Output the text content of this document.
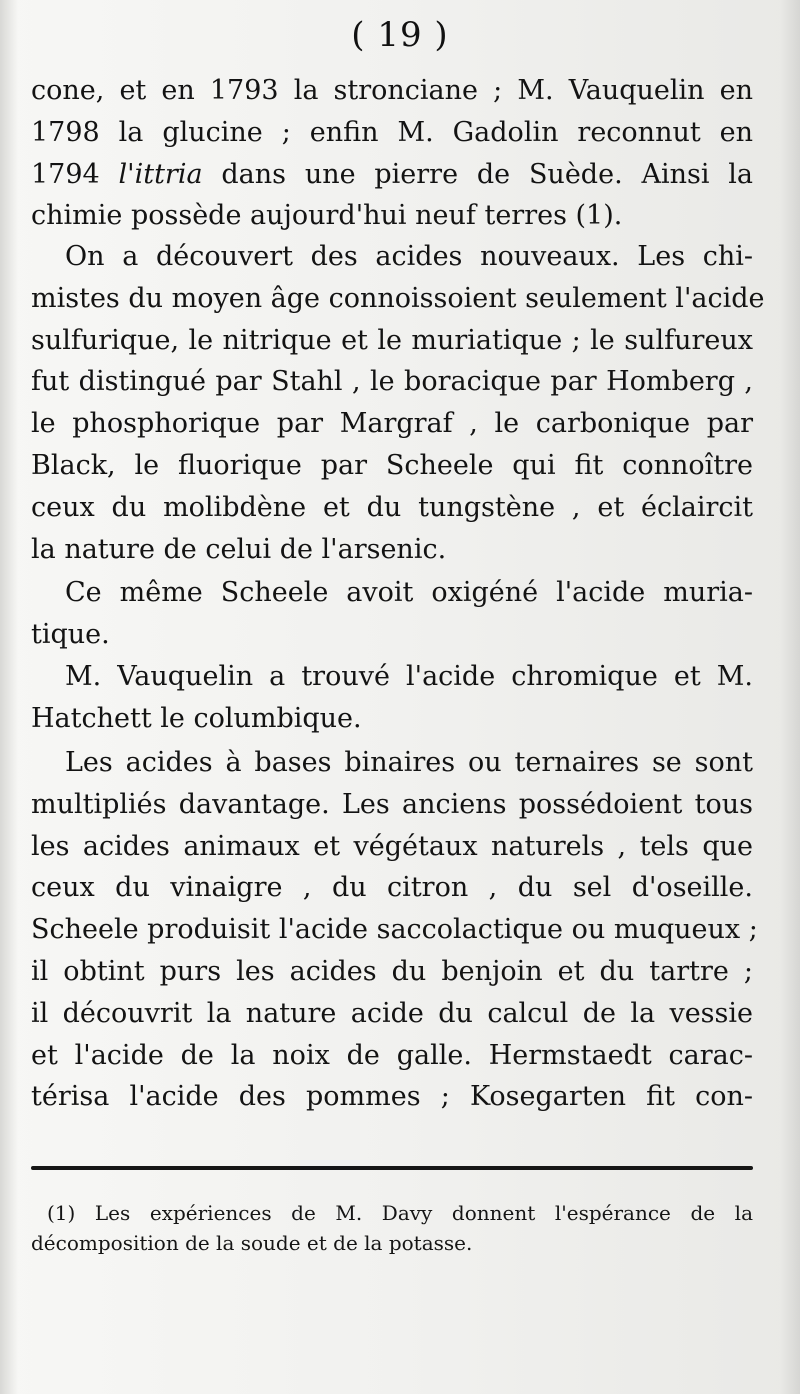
( 19 )
cone, et en 1793 la stronciane ; M. Vauquelin en
1798 la glucine ; enfin M. Gadolin reconnut en
1794 l'ittria dans une pierre de Suède. Ainsi la
chimie possède aujourd'hui neuf terres (1).
On a découvert des acides nouveaux. Les chi-
mistes du moyen âge connoissoient seulement l'acide
sulfurique, le nitrique et le muriatique ; le sulfureux
fut distingué par Stahl , le boracique par Homberg ,
le phosphorique par Margraf , le carbonique par
Black, le fluorique par Scheele qui fit connoître
ceux du molibdène et du tungstène , et éclaircit
la nature de celui de l'arsenic.
Ce même Scheele avoit oxigéné l'acide muria-
tique.
M. Vauquelin a trouvé l'acide chromique et M.
Hatchett le columbique.
Les acides à bases binaires ou ternaires se sont
multipliés davantage. Les anciens possédoient tous
les acides animaux et végétaux naturels , tels que
ceux du vinaigre , du citron , du sel d'oseille.
Scheele produisit l'acide saccolactique ou muqueux ;
il obtint purs les acides du benjoin et du tartre ;
il découvrit la nature acide du calcul de la vessie
et l'acide de la noix de galle. Hermstaedt carac-
térisa l'acide des pommes ; Kosegarten fit con-
(1) Les expériences de M. Davy donnent l'espérance de la
décomposition de la soude et de la potasse.
